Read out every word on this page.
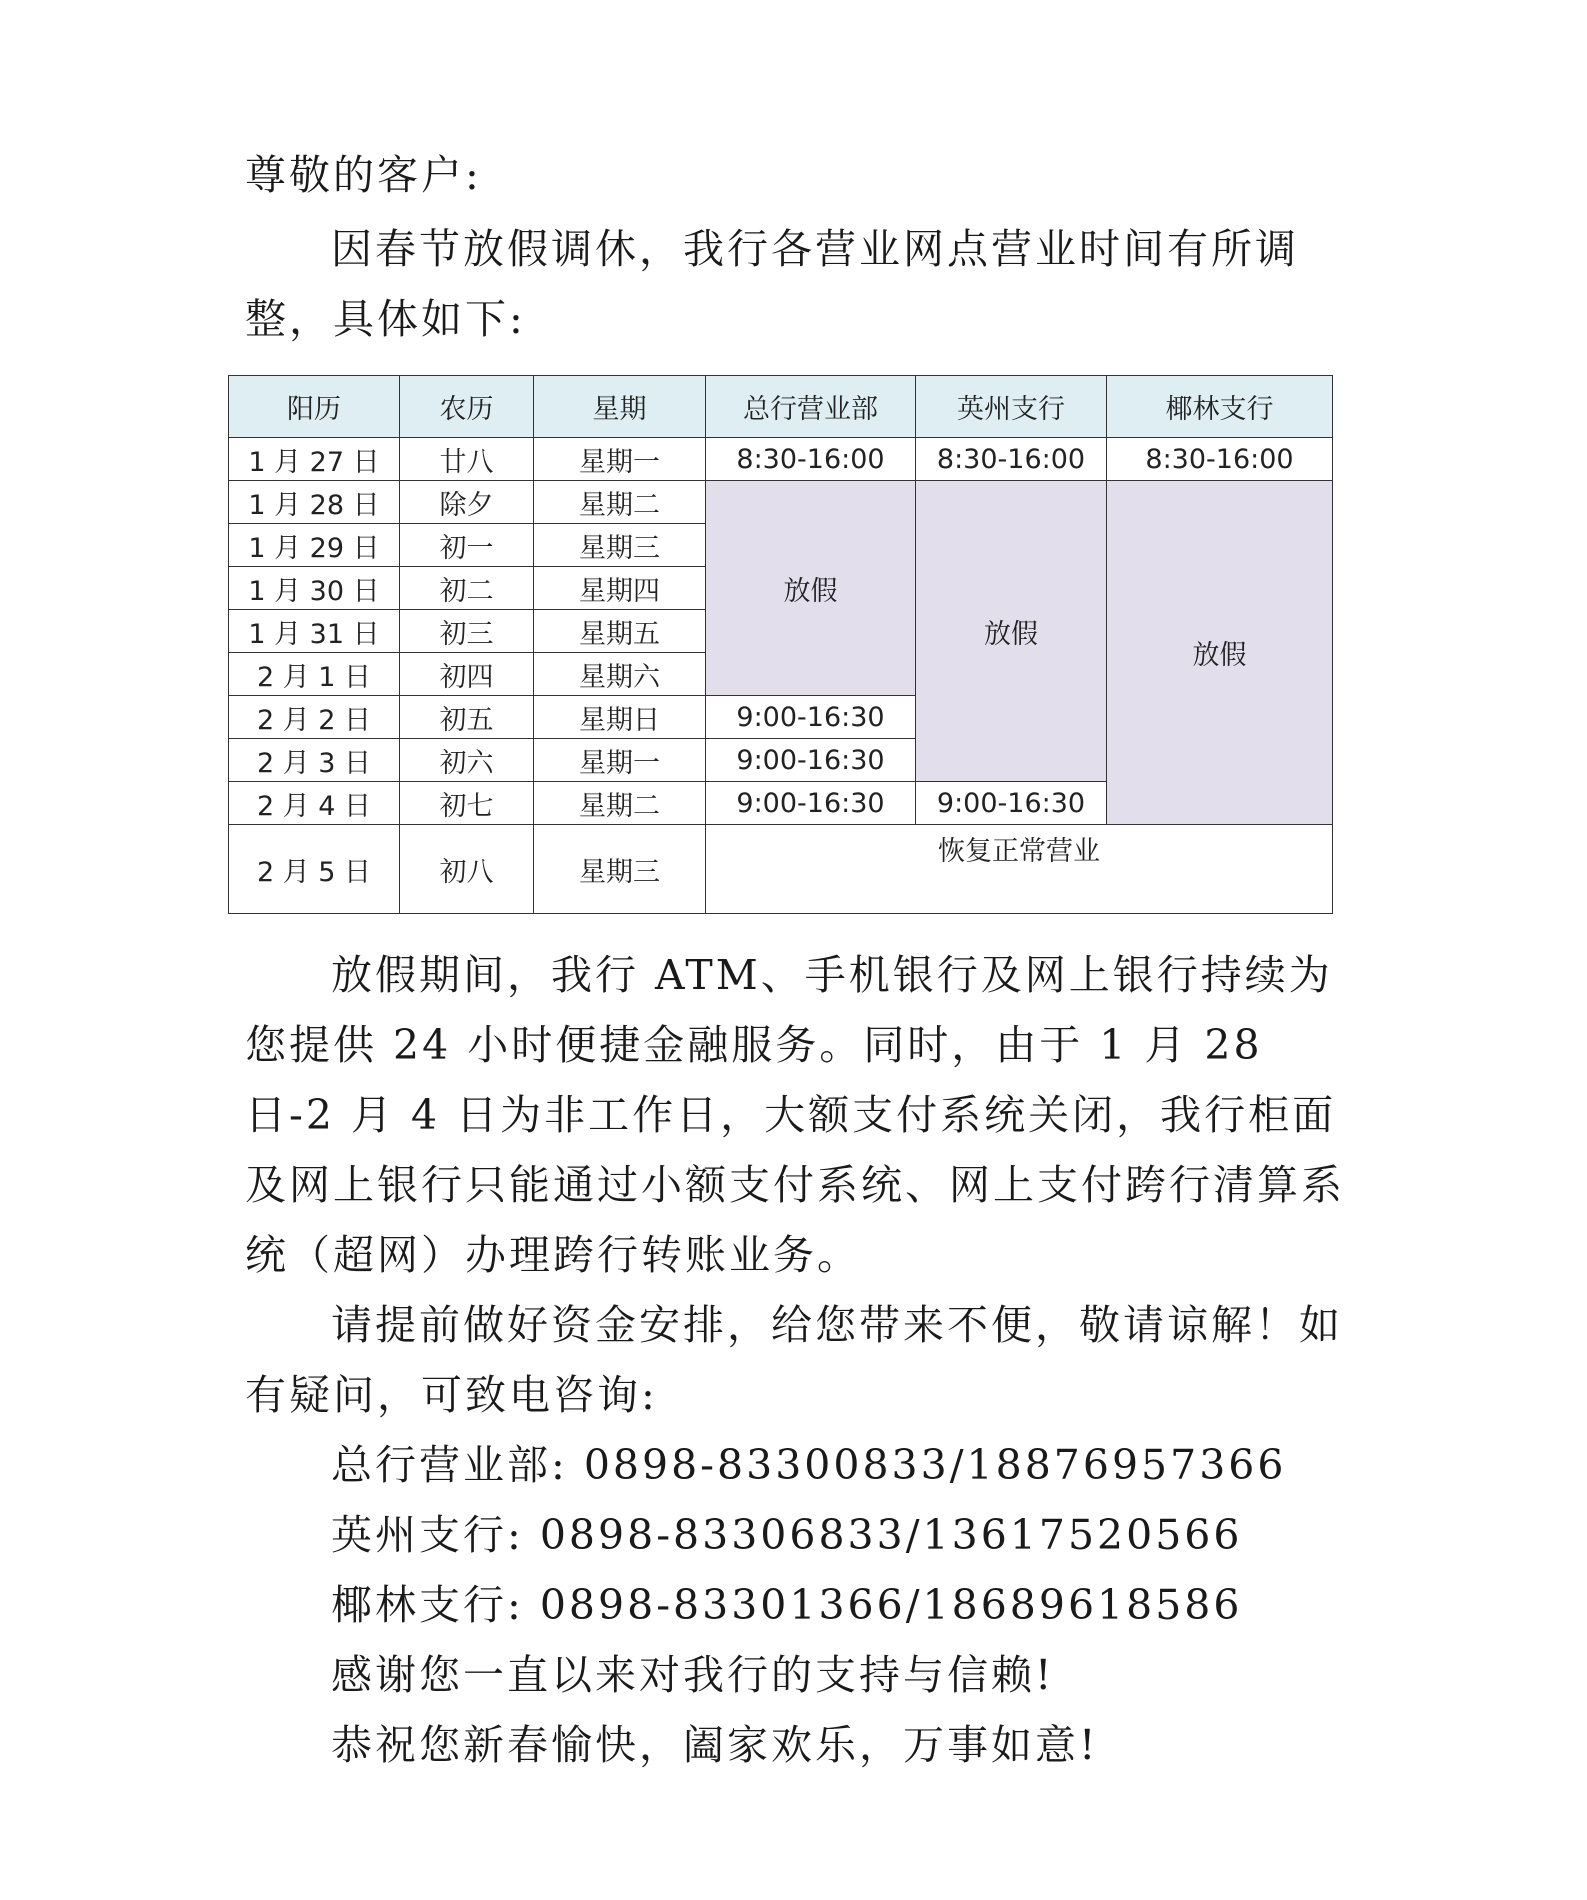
尊敬的客户:

因春节放假调休，我行各营业网点营业时间有所调整，具体如下:

阳历	农历	星期	总行营业部	英州支行	椰林支行
1 月 27 日	廿八	星期一	8:30-16:00	8:30-16:00	8:30-16:00
1 月 28 日	除夕	星期二	放假	放假	放假
1 月 29 日	初一	星期三			
1 月 30 日	初二	星期四			
1 月 31 日	初三	星期五			
2 月 1 日	初四	星期六			
2 月 2 日	初五	星期日	9:00-16:30		
2 月 3 日	初六	星期一	9:00-16:30		
2 月 4 日	初七	星期二	9:00-16:30	9:00-16:30	
2 月 5 日	初八	星期三	恢复正常营业		

放假期间，我行 ATM、手机银行及网上银行持续为您提供 24 小时便捷金融服务。同时，由于 1 月 28 日-2 月 4 日为非工作日，大额支付系统关闭，我行柜面及网上银行只能通过小额支付系统、网上支付跨行清算系统（超网）办理跨行转账业务。

请提前做好资金安排，给您带来不便，敬请谅解！如有疑问，可致电咨询:

总行营业部: 0898-83300833/18876957366

英州支行: 0898-83306833/13617520566

椰林支行: 0898-83301366/18689618586

感谢您一直以来对我行的支持与信赖!

恭祝您新春愉快，阖家欢乐，万事如意!
